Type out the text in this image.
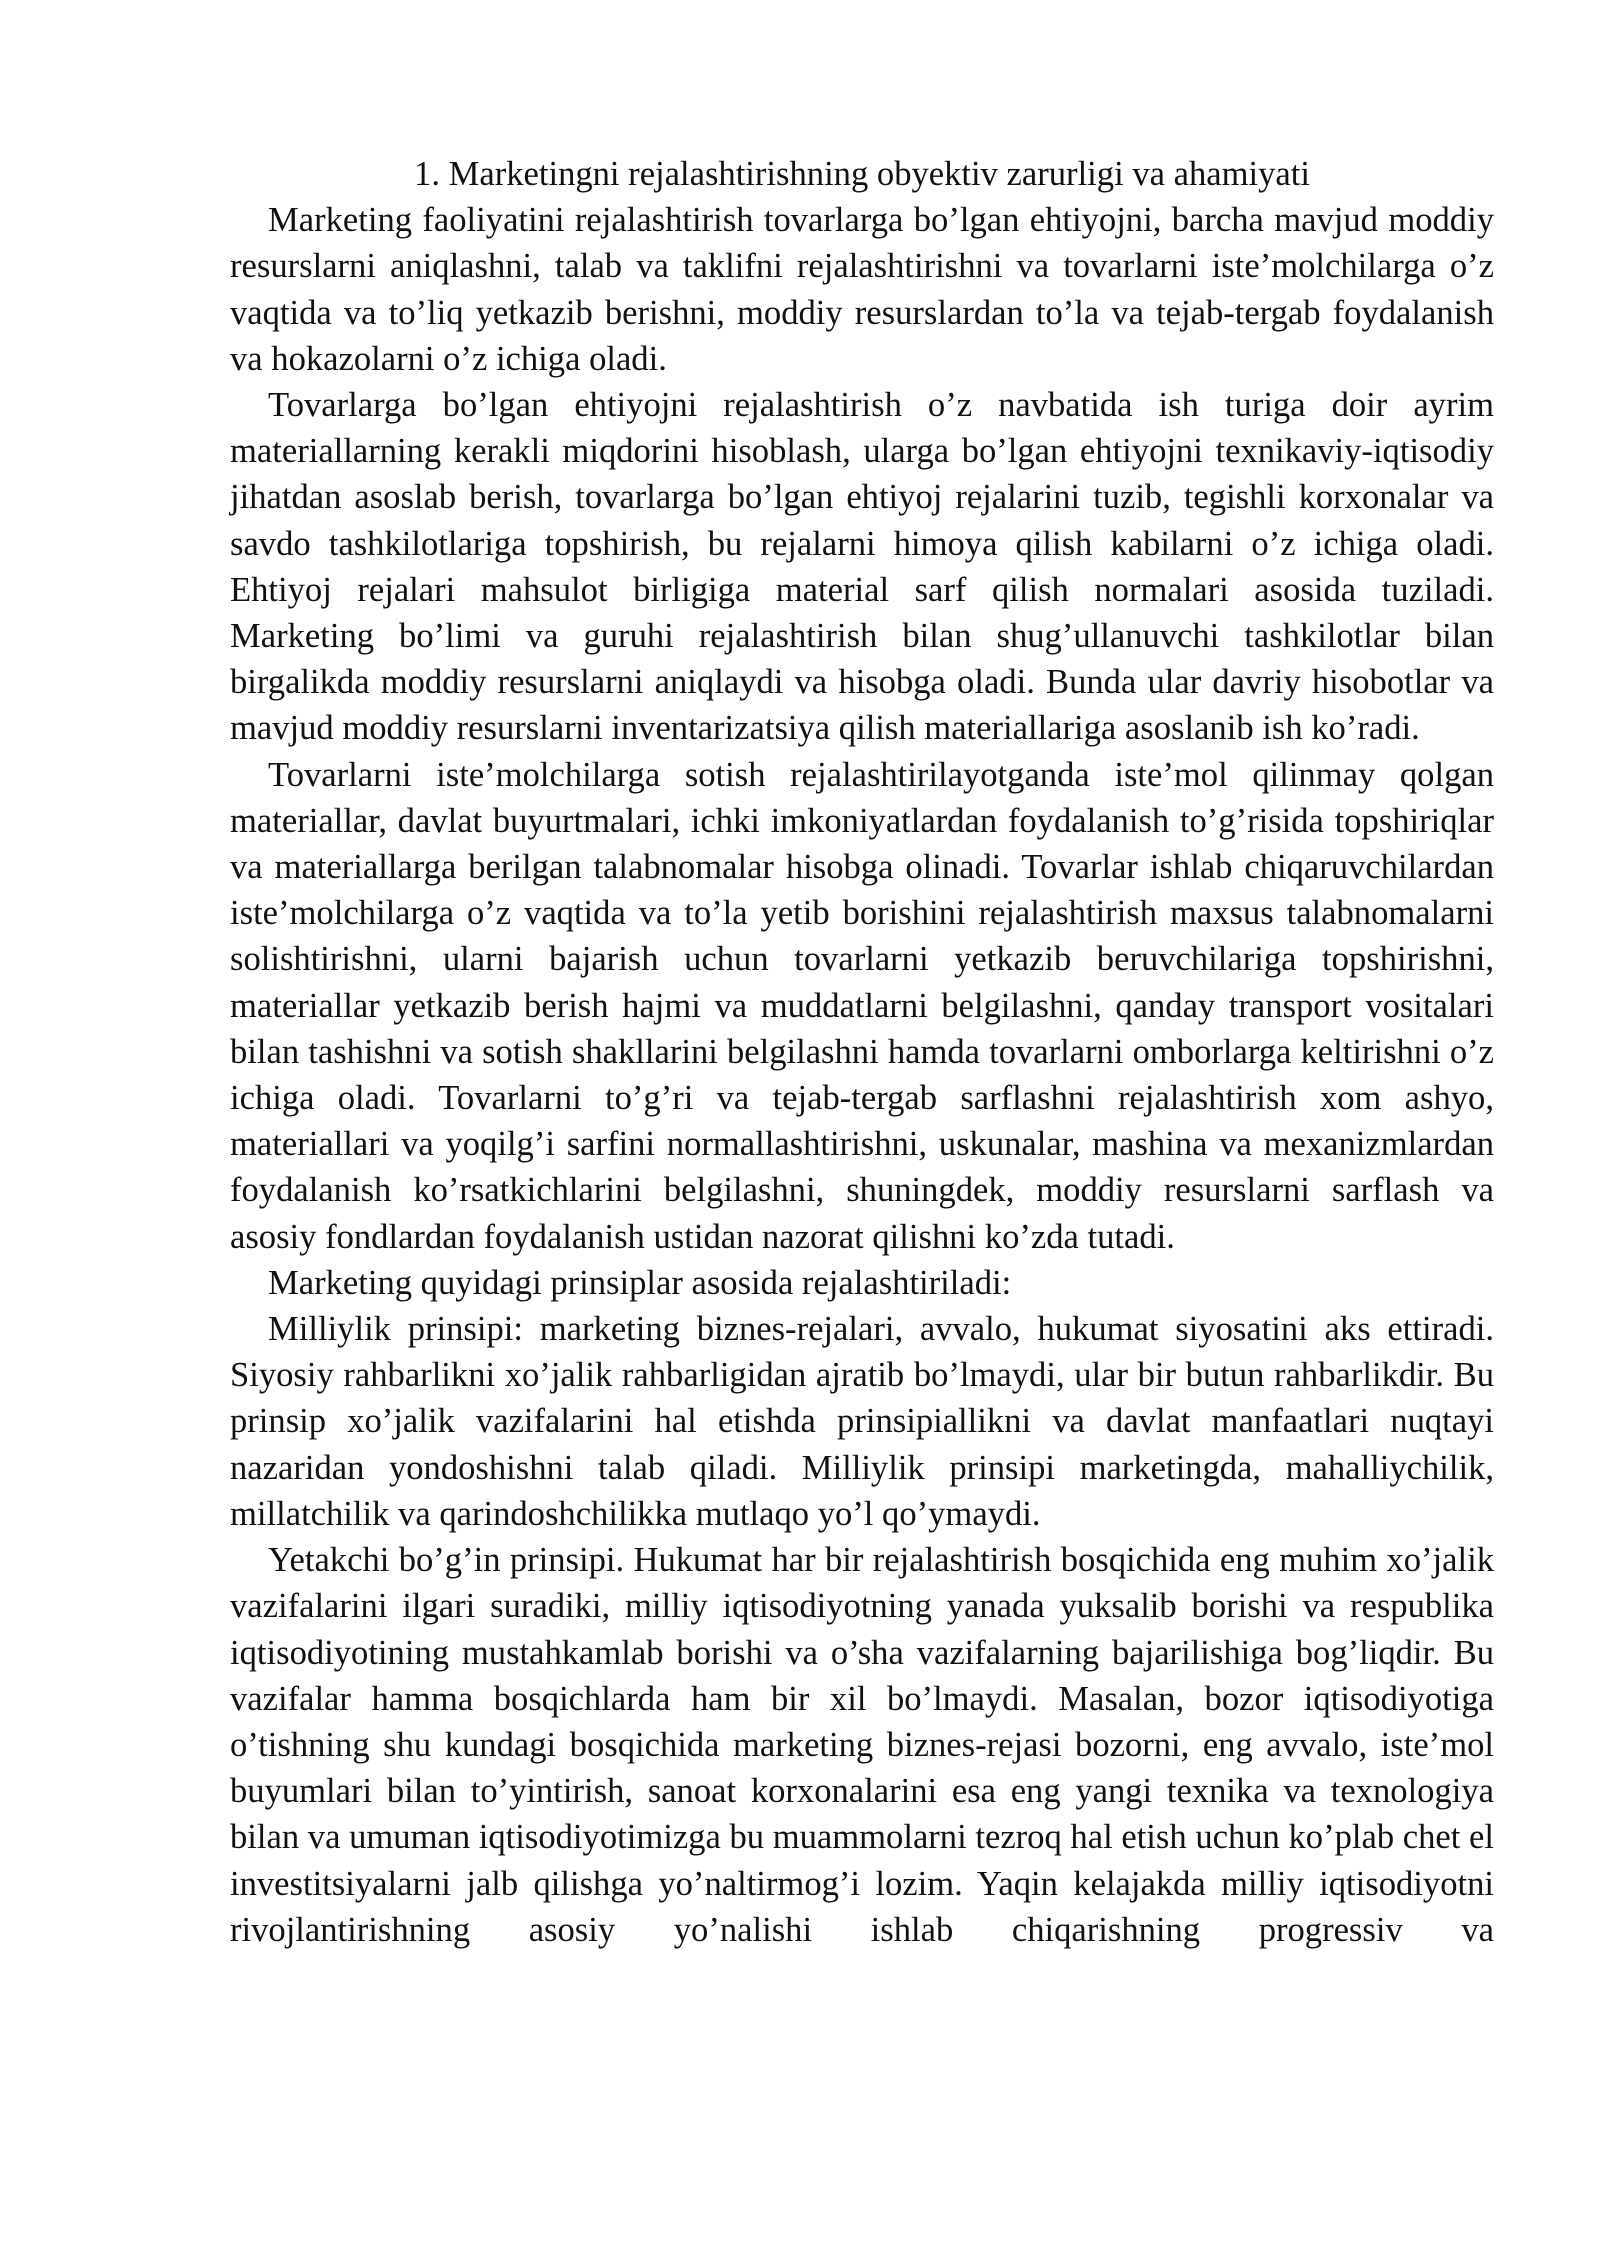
1. Marketingni rejalashtirishning obyektiv zarurligi va ahamiyati

Marketing faoliyatini rejalashtirish tovarlarga bo’lgan ehtiyojni, barcha mavjud moddiy resurslarni aniqlashni, talab va taklifni rejalashtirishni va tovarlarni iste’molchilarga o’z vaqtida va to’liq yetkazib berishni, moddiy resurslardan to’la va tejab-tergab foydalanish va hokazolarni o’z ichiga oladi.

Tovarlarga bo’lgan ehtiyojni rejalashtirish o’z navbatida ish turiga doir ayrim materiallarning kerakli miqdorini hisoblash, ularga bo’lgan ehtiyojni texnikaviy-iqtisodiy jihatdan asoslab berish, tovarlarga bo’lgan ehtiyoj rejalarini tuzib, tegishli korxonalar va savdo tashkilotlariga topshirish, bu rejalarni himoya qilish kabilarni o’z ichiga oladi. Ehtiyoj rejalari mahsulot birligiga material sarf qilish normalari asosida tuziladi. Marketing bo’limi va guruhi rejalashtirish bilan shug’ullanuvchi tashkilotlar bilan birgalikda moddiy resurslarni aniqlaydi va hisobga oladi. Bunda ular davriy hisobotlar va mavjud moddiy resurslarni inventarizatsiya qilish materiallariga asoslanib ish ko’radi.

Tovarlarni iste’molchilarga sotish rejalashtirilayotganda iste’mol qilinmay qolgan materiallar, davlat buyurtmalari, ichki imkoniyatlardan foydalanish to’g’risida topshiriqlar va materiallarga berilgan talabnomalar hisobga olinadi. Tovarlar ishlab chiqaruvchilardan iste’molchilarga o’z vaqtida va to’la yetib borishini rejalashtirish maxsus talabnomalarni solishtirishni, ularni bajarish uchun tovarlarni yetkazib beruvchilariga topshirishni, materiallar yetkazib berish hajmi va muddatlarni belgilashni, qanday transport vositalari bilan tashishni va sotish shakllarini belgilashni hamda tovarlarni omborlarga keltirishni o’z ichiga oladi. Tovarlarni to’g’ri va tejab-tergab sarflashni rejalashtirish xom ashyo, materiallari va yoqilg’i sarfini normallashtirishni, uskunalar, mashina va mexanizmlardan foydalanish ko’rsatkichlarini belgilashni, shuningdek, moddiy resurslarni sarflash va asosiy fondlardan foydalanish ustidan nazorat qilishni ko’zda tutadi.

Marketing quyidagi prinsiplar asosida rejalashtiriladi:

Milliylik prinsipi: marketing biznes-rejalari, avvalo, hukumat siyosatini aks ettiradi. Siyosiy rahbarlikni xo’jalik rahbarligidan ajratib bo’lmaydi, ular bir butun rahbarlikdir. Bu prinsip xo’jalik vazifalarini hal etishda prinsipiallikni va davlat manfaatlari nuqtayi nazaridan yondoshishni talab qiladi. Milliylik prinsipi marketingda, mahalliychilik, millatchilik va qarindoshchilikka mutlaqo yo’l qo’ymaydi.

Yetakchi bo’g’in prinsipi. Hukumat har bir rejalashtirish bosqichida eng muhim xo’jalik vazifalarini ilgari suradiki, milliy iqtisodiyotning yanada yuksalib borishi va respublika iqtisodiyotining mustahkamlab borishi va o’sha vazifalarning bajarilishiga bog’liqdir. Bu vazifalar hamma bosqichlarda ham bir xil bo’lmaydi. Masalan, bozor iqtisodiyotiga o’tishning shu kundagi bosqichida marketing biznes-rejasi bozorni, eng avvalo, iste’mol buyumlari bilan to’yintirish, sanoat korxonalarini esa eng yangi texnika va texnologiya bilan va umuman iqtisodiyotimizga bu muammolarni tezroq hal etish uchun ko’plab chet el investitsiyalarni jalb qilishga yo’naltirmog’i lozim. Yaqin kelajakda milliy iqtisodiyotni rivojlantirishning asosiy yo’nalishi ishlab chiqarishning progressiv va
